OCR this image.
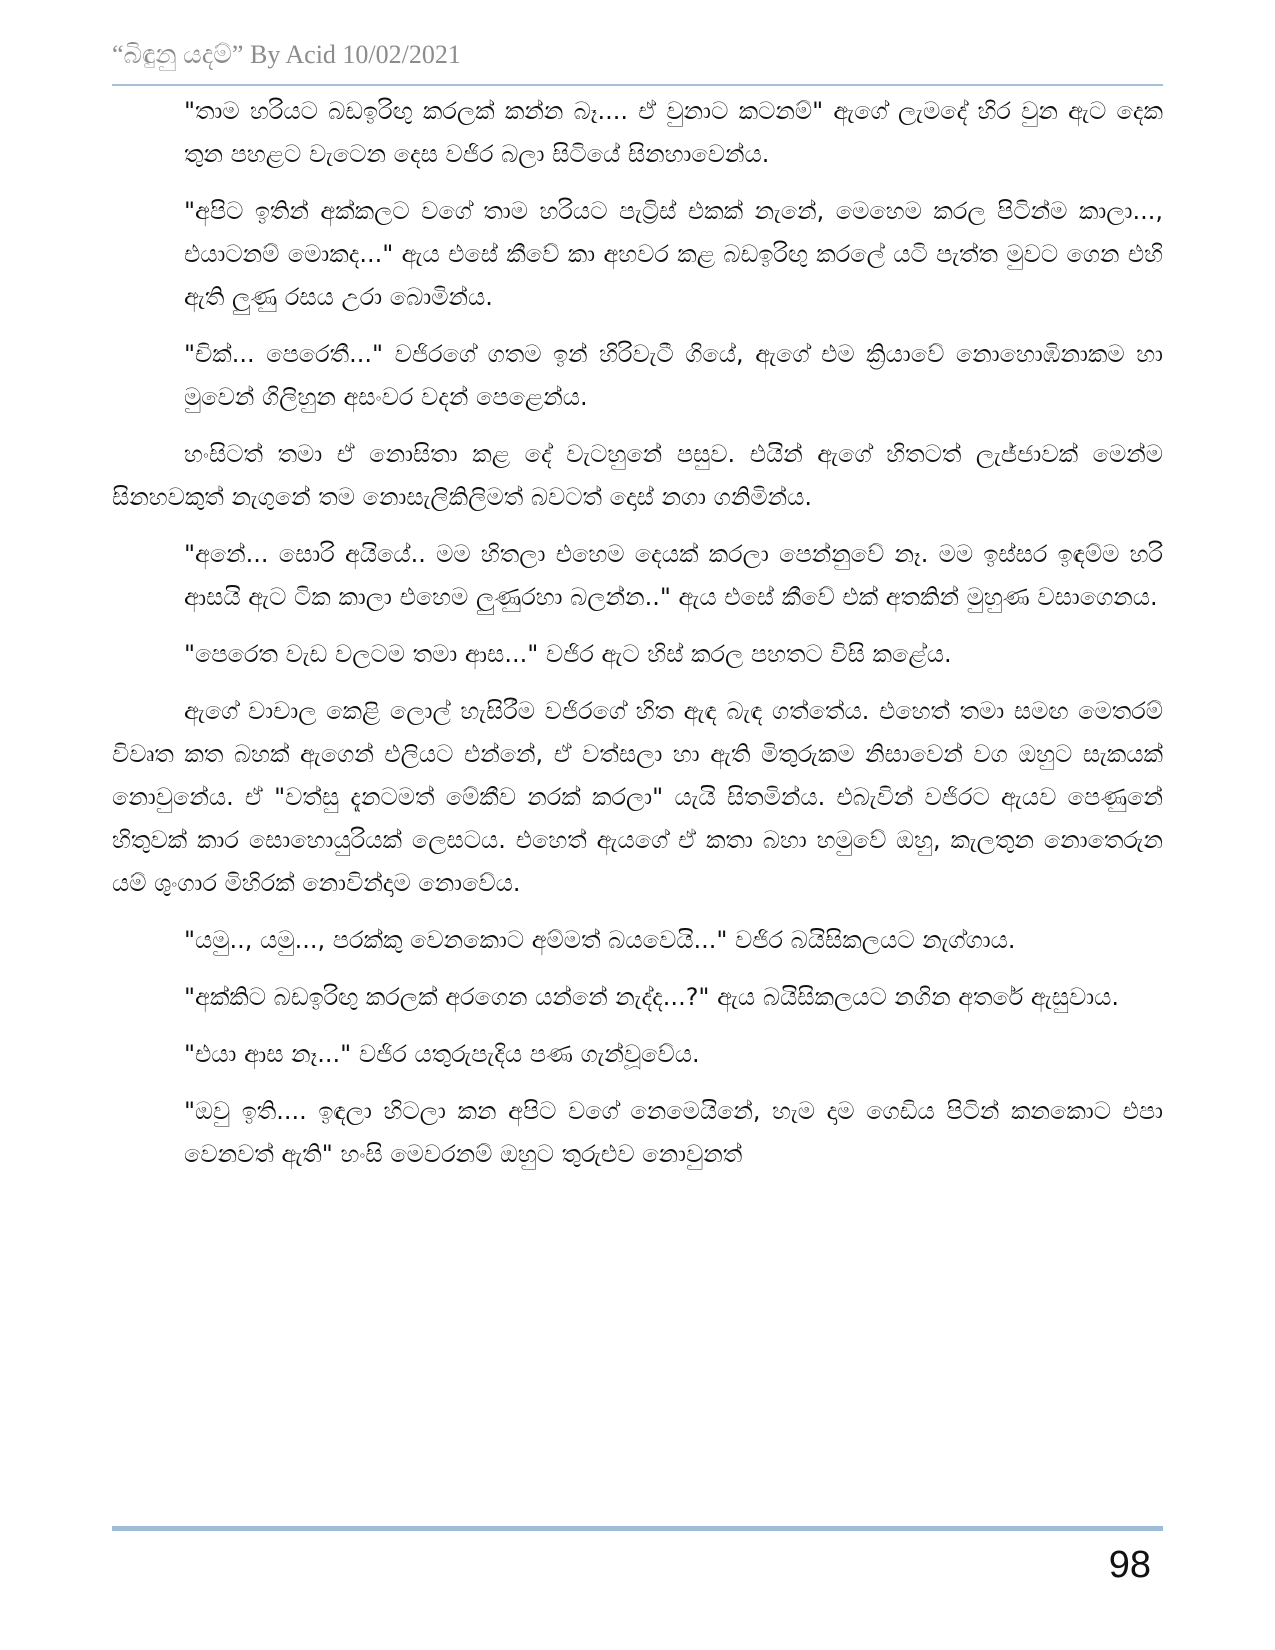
“බිඳුනු යදම්” By Acid 10/02/2021

"තාම හරියට බඩඉරිඟු කරලක් කන්න බෑ.... ඒ වුනාට කටනම්" ඇගේ ලැමදේ හිර වුන ඇට දෙක තුන පහළට වැටෙන දෙස වජිර බලා සිටියේ සිනහාවෙන්ය.

"අපිට ඉතින් අක්කලට වගේ තාම හරියට පැට්‍රිස් එකක් නැනේ, මෙහෙම කරල පිටින්ම කාලා..., එයාටනම් මොකද..." ඇය එසේ කීවේ කා අහවර කළ බඩඉරිඟු කරලේ යටි පැත්ත මුවට ගෙන එහි ඇති ලුණු රසය උරා බොමින්ය.

"චික්... පෙරෙතී..." වජිරගේ ගතම ඉන් හිරිවැටී ගියේ, ඇගේ එම ක්‍රියාවේ නොහොඹිනාකම හා මුවෙන් ගිලිහුන අසංවර වදන් පෙළෙන්ය.

හංසිටත් තමා ඒ නොසිතා කළ දේ වැටහුනේ පසුව. එයින් ඇගේ හිතටත් ලැජ්ජාවක් මෙන්ම සිනහවකුත් නැගුනේ තම නොසැලිකිලිමත් බවටත් දොස් නගා ගනිමින්ය.

"අනේ... සොරි අයියේ.. මම හිතලා එහෙම දෙයක් කරලා පෙන්නුවේ නෑ. මම ඉස්සර ඉඳම්ම හරි ආසයි ඇට ටික කාලා එහෙම ලුණුරහා බලන්න.." ඇය එසේ කීවේ එක් අතකින් මුහුණ වසාගෙනය.

"පෙරෙත වැඩ වලටම තමා ආස..." වජිර ඇට හිස් කරල පහතට විසි කළේය.

ඇගේ වාචාල කෙළි ලොල් හැසිරීම වජිරගේ හිත ඇඳ බැඳ ගත්තේය. එහෙත් තමා සමඟ මෙතරම් විවෘත කත බහක් ඇගෙන් එලියට එන්නේ, ඒ වත්සලා හා ඇති මිතුරුකම නිසාවෙන් වග ඔහුට සැකයක් නොවුනේය. ඒ "වත්සු දැනටමත් මේකීව නරක් කරලා" යැයි සිතමින්ය. එබැවින් වජිරට ඇයව පෙණුනේ හිතුවක් කාර සොහොයුරියක් ලෙසටය. එහෙත් ඇයගේ ඒ කතා බහා හමුවේ ඔහු, කැලතුන නොතෙරුන යම් ශුංගාර මිහිරක් නොවින්දාම නොවේය.

"යමු.., යමු..., පරක්කු වෙනකොට අම්මත් බයවෙයි..." වජිර බයිසිකලයට නැග්ගාය.

"අක්කිට බඩඉරිඟු කරලක් අරගෙන යන්නේ නැද්ද...?" ඇය බයිසිකලයට නගින අතරේ ඇසුවාය.

"එයා ආස නෑ..." වජිර යතුරුපැදිය පණ ගැන්වූවේය.

"ඔවු ඉති.... ඉඳලා හිටලා කන අපිට වගේ නෙමෙයිනේ, හැම දාම ගෙඩිය පිටින් කනකොට එපා වෙනවත් ඇති" හංසි මෙවරනම් ඔහුට තුරුළුව නොවුනත්

98
